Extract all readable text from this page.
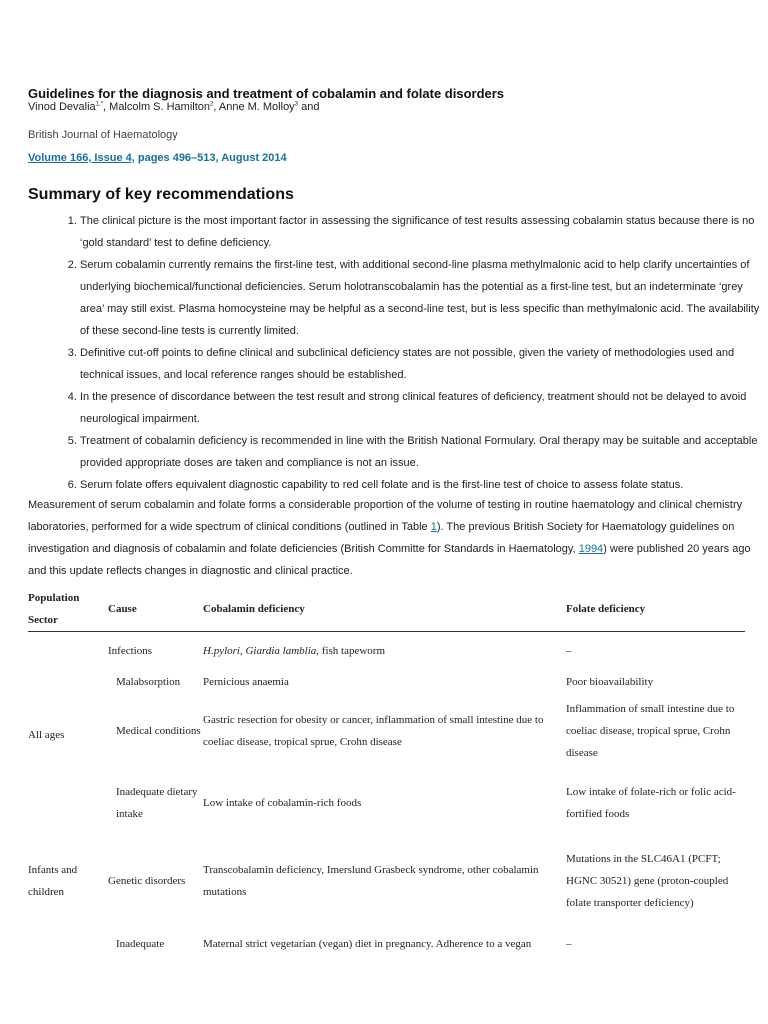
Guidelines for the diagnosis and treatment of cobalamin and folate disorders
Vinod Devalia$^{1,*}$, Malcolm S. Hamilton$^2$, Anne M. Molloy$^3$ and
British Journal of Haematology
Volume 166, Issue 4, pages 496–513, August 2014
Summary of key recommendations
1. The clinical picture is the most important factor in assessing the significance of test results assessing cobalamin status because there is no ‘gold standard’ test to define deficiency.
2. Serum cobalamin currently remains the first-line test, with additional second-line plasma methylmalonic acid to help clarify uncertainties of underlying biochemical/functional deficiencies. Serum holotranscobalamin has the potential as a first-line test, but an indeterminate ‘grey area’ may still exist. Plasma homocysteine may be helpful as a second-line test, but is less specific than methylmalonic acid. The availability of these second-line tests is currently limited.
3. Definitive cut-off points to define clinical and subclinical deficiency states are not possible, given the variety of methodologies used and technical issues, and local reference ranges should be established.
4. In the presence of discordance between the test result and strong clinical features of deficiency, treatment should not be delayed to avoid neurological impairment.
5. Treatment of cobalamin deficiency is recommended in line with the British National Formulary. Oral therapy may be suitable and acceptable provided appropriate doses are taken and compliance is not an issue.
6. Serum folate offers equivalent diagnostic capability to red cell folate and is the first-line test of choice to assess folate status.
Measurement of serum cobalamin and folate forms a considerable proportion of the volume of testing in routine haematology and clinical chemistry laboratories, performed for a wide spectrum of clinical conditions (outlined in Table 1). The previous British Society for Haematology guidelines on investigation and diagnosis of cobalamin and folate deficiencies (British Committe for Standards in Haematology, 1994) were published 20 years ago and this update reflects changes in diagnostic and clinical practice.
Population Sector	Cause	Cobalamin deficiency	Folate deficiency
All ages	Infections	H.pylori, Giardia lamblia, fish tapeworm	–
	Malabsorption	Pernicious anaemia	Poor bioavailability
	Medical conditions	Gastric resection for obesity or cancer, inflammation of small intestine due to coeliac disease, tropical sprue, Crohn disease	Inflammation of small intestine due to coeliac disease, tropical sprue, Crohn disease
	Inadequate dietary intake	Low intake of cobalamin-rich foods	Low intake of folate-rich or folic acid-fortified foods
Infants and children	Genetic disorders	Transcobalamin deficiency, Imerslund Grasbeck syndrome, other cobalamin mutations	Mutations in the SLC46A1 (PCFT; HGNC 30521) gene (proton-coupled folate transporter deficiency)
	Inadequate	Maternal strict vegetarian (vegan) diet in pregnancy. Adherence to a vegan	–
